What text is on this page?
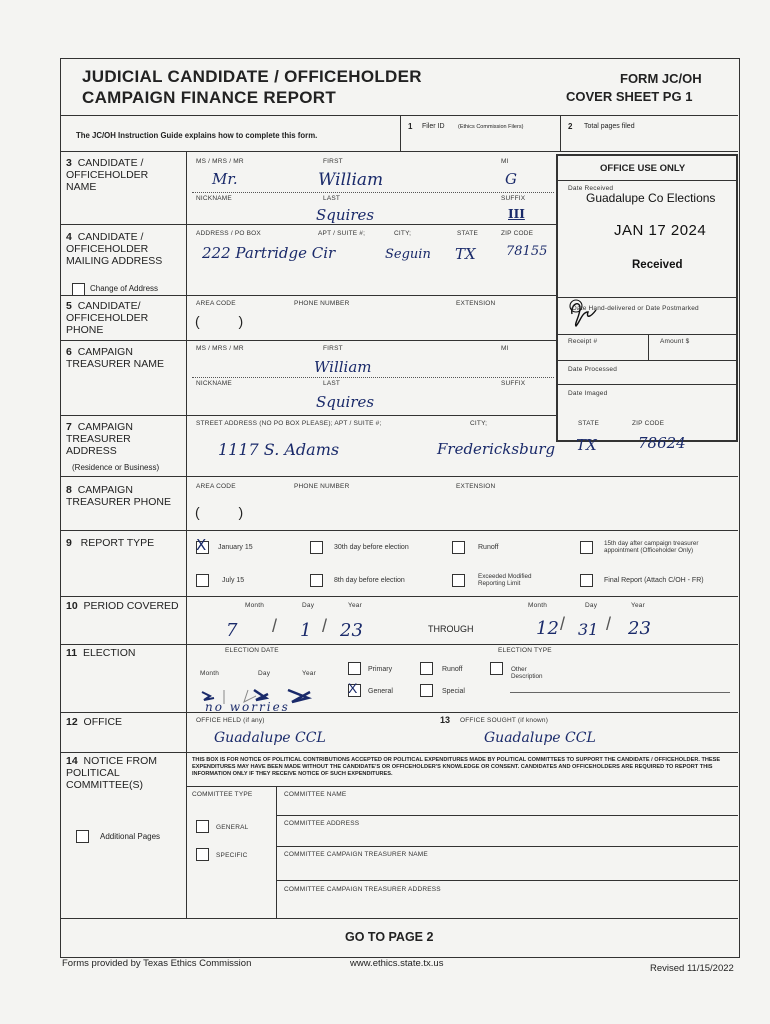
JUDICIAL CANDIDATE / OFFICEHOLDER
CAMPAIGN FINANCE REPORT
FORM JC/OH
COVER SHEET PG 1
The JC/OH Instruction Guide explains how to complete this form.
1 Filer ID (Ethics Commission Filers)	2 Total pages filed
3 CANDIDATE / OFFICEHOLDER NAME
MS / MRS / MR	FIRST	MI
Mr.	William	G
NICKNAME	LAST	SUFFIX
Squires	III
OFFICE USE ONLY
Date Received
Guadalupe Co Elections
JAN 17 2024
Received
Date Hand-delivered or Date Postmarked
Receipt #	Amount $
Date Processed
Date Imaged
4 CANDIDATE / OFFICEHOLDER MAILING ADDRESS
Change of Address
ADDRESS / PO BOX	APT / SUITE #;	CITY;	STATE	ZIP CODE
222 Partridge Cir	Seguin TX 78155
5 CANDIDATE/ OFFICEHOLDER PHONE
AREA CODE	PHONE NUMBER	EXTENSION
(          )
6 CAMPAIGN TREASURER NAME
MS / MRS / MR	FIRST	MI
William
NICKNAME	LAST	SUFFIX
Squires
7 CAMPAIGN TREASURER ADDRESS
(Residence or Business)
STREET ADDRESS (NO PO BOX PLEASE); APT / SUITE #;	CITY;	STATE	ZIP CODE
1117 S. Adams	Fredericksburg TX	78624
8 CAMPAIGN TREASURER PHONE
AREA CODE	PHONE NUMBER	EXTENSION
(          )
9 REPORT TYPE	X January 15	30th day before election	Runoff
15th day after campaign treasurer appointment (Officeholder Only)
July 15	8th day before election
Exceeded Modified Reporting Limit	Final Report (Attach C/OH - FR)
10 PERIOD COVERED	Month	Day	Year	Month	Day	Year
7 / 1 / 23	THROUGH	12 / 31 / 23
11 ELECTION	ELECTION DATE	ELECTION TYPE
Month	Day	Year
no worries
Primary	Runoff	Other Description
X General	Special
12 OFFICE	OFFICE HELD (if any)
Guadalupe CCL
13 OFFICE SOUGHT (if known)
Guadalupe CCL
14 NOTICE FROM POLITICAL COMMITTEE(S)
THIS BOX IS FOR NOTICE OF POLITICAL CONTRIBUTIONS ACCEPTED OR POLITICAL EXPENDITURES MADE BY POLITICAL COMMITTEES TO SUPPORT THE CANDIDATE / OFFICEHOLDER. THESE EXPENDITURES MAY HAVE BEEN MADE WITHOUT THE CANDIDATE'S OR OFFICEHOLDER'S KNOWLEDGE OR CONSENT. CANDIDATES AND OFFICEHOLDERS ARE REQUIRED TO REPORT THIS INFORMATION ONLY IF THEY RECEIVE NOTICE OF SUCH EXPENDITURES.
COMMITTEE TYPE	COMMITTEE NAME
GENERAL
COMMITTEE ADDRESS
Additional Pages
SPECIFIC	COMMITTEE CAMPAIGN TREASURER NAME
COMMITTEE CAMPAIGN TREASURER ADDRESS
GO TO PAGE 2
Forms provided by Texas Ethics Commission	www.ethics.state.tx.us	Revised 11/15/2022
